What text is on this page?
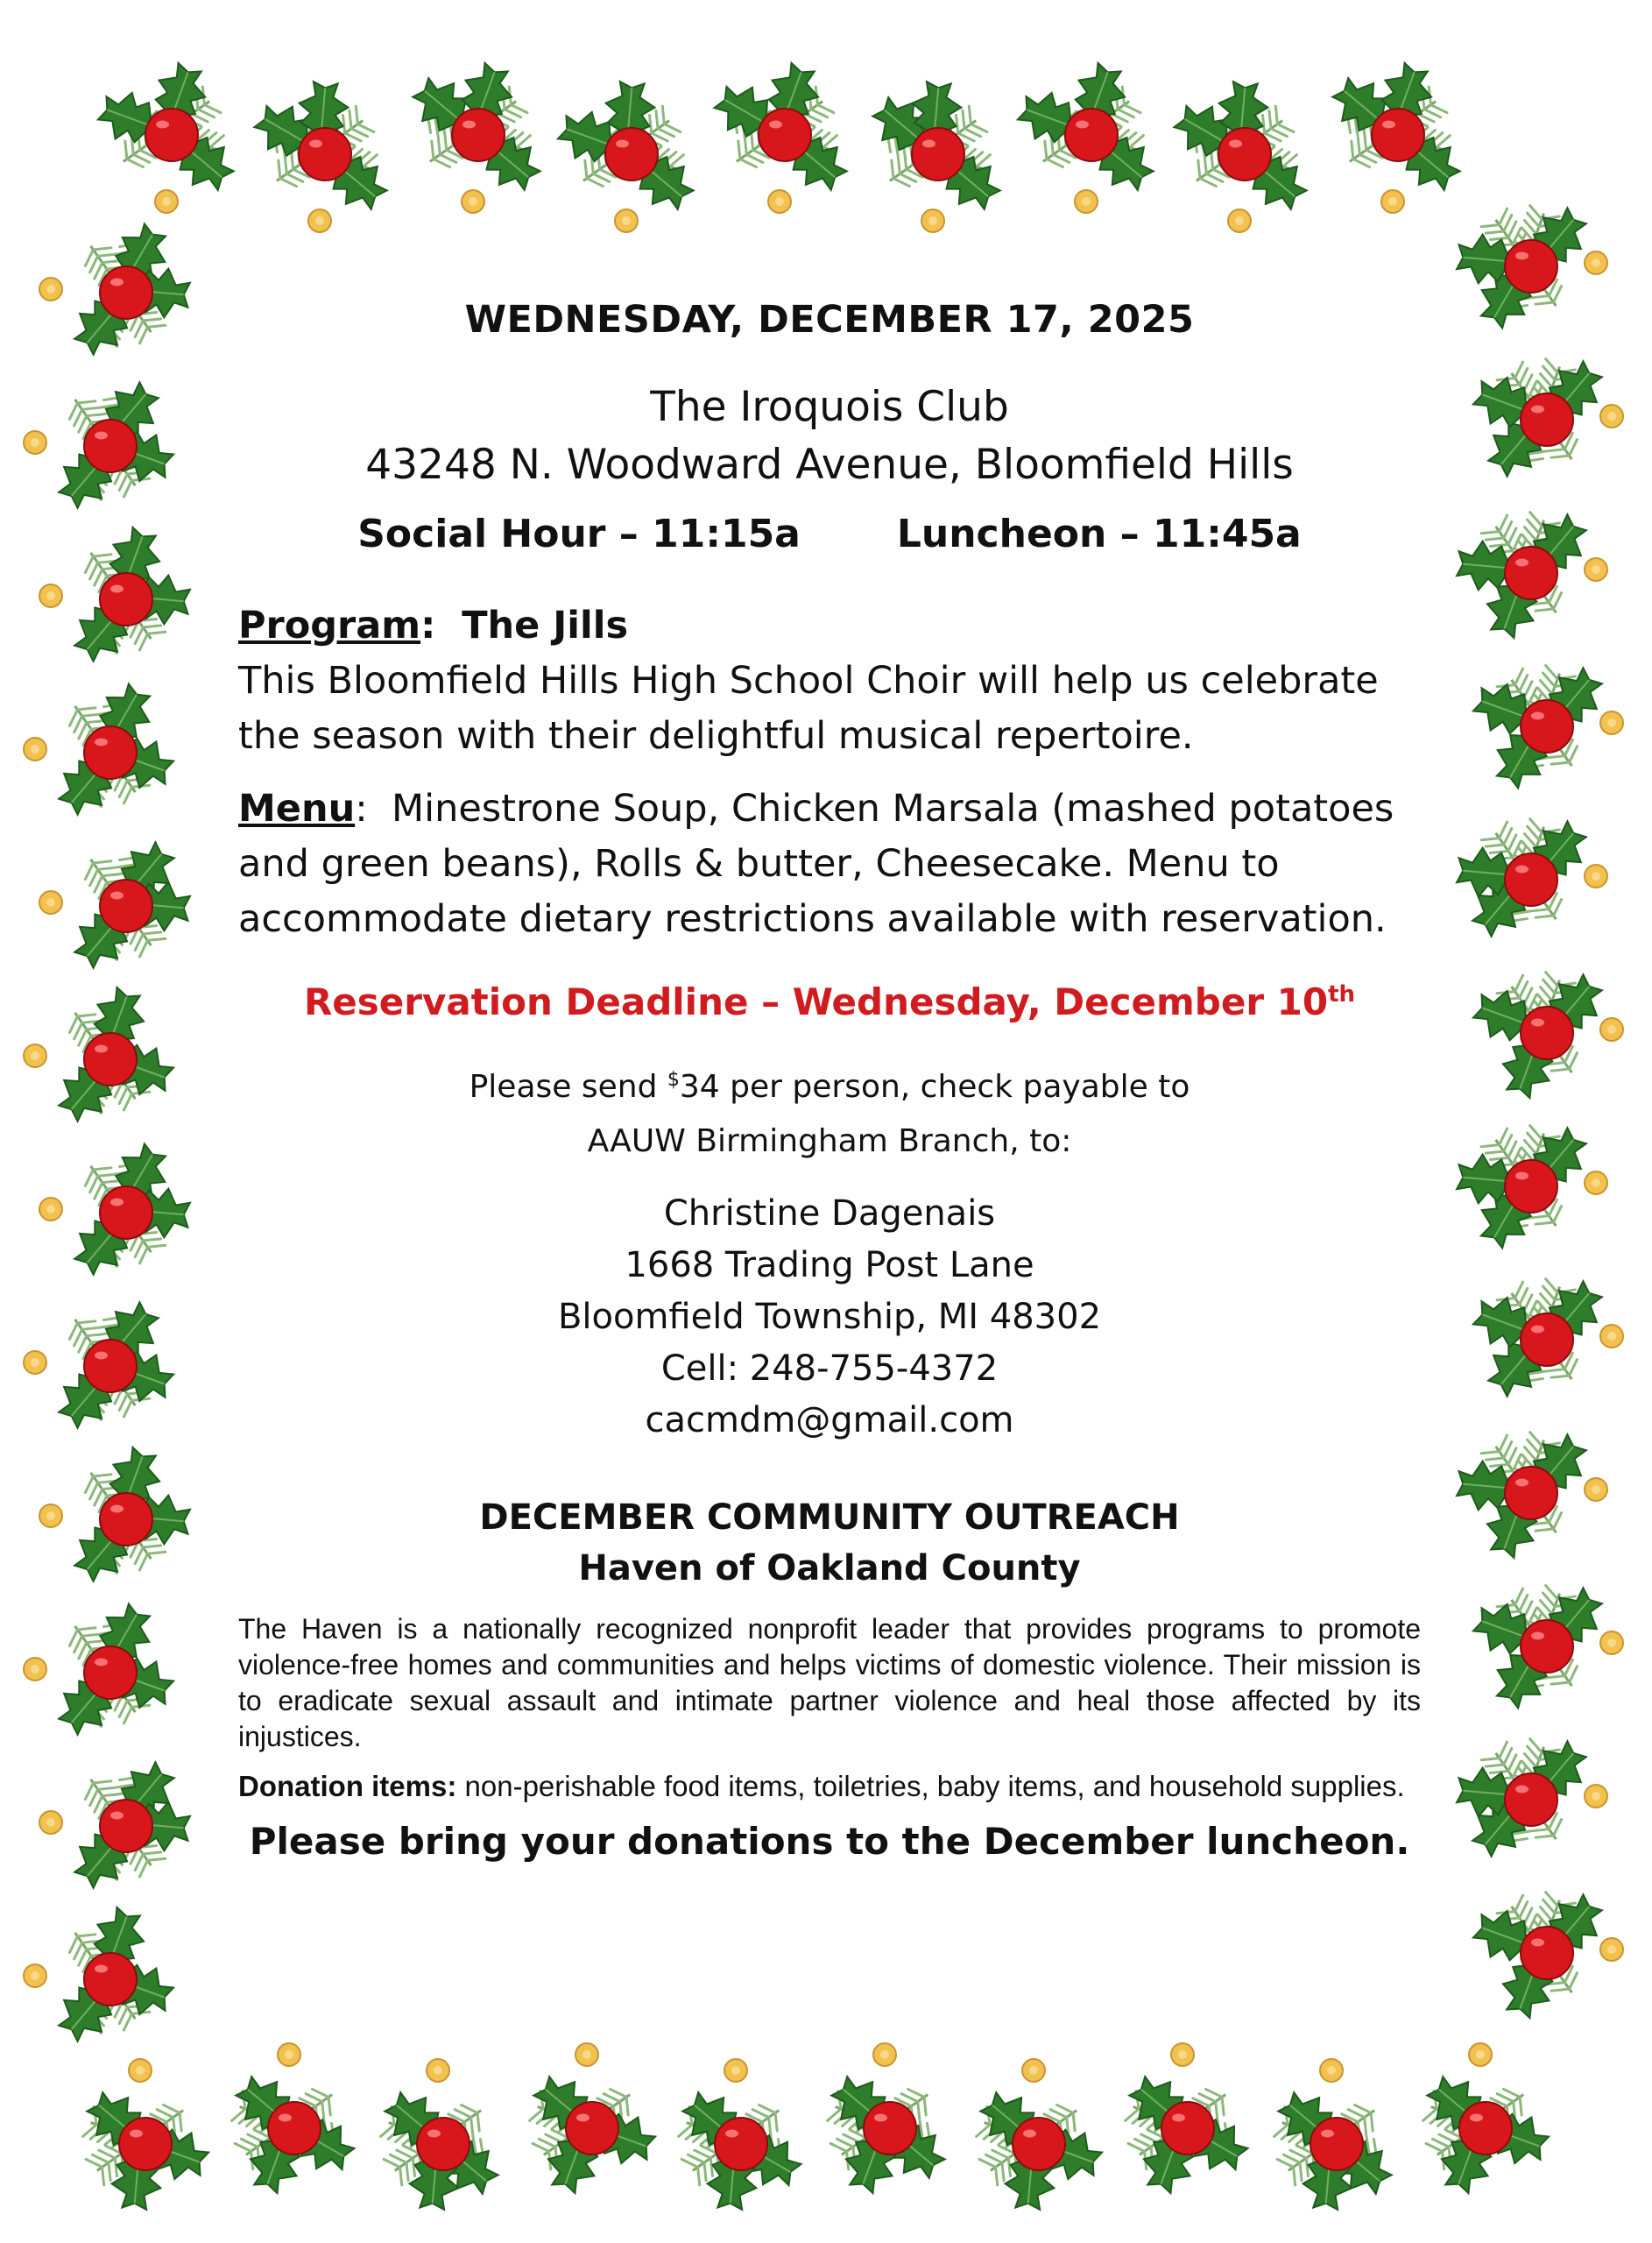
WEDNESDAY, DECEMBER 17, 2025
The Iroquois Club
43248 N. Woodward Avenue, Bloomfield Hills
Social Hour – 11:15a	Luncheon – 11:45a
Program:  The Jills
This Bloomfield Hills High School Choir will help us celebrate the season with their delightful musical repertoire.
Menu:  Minestrone Soup, Chicken Marsala (mashed potatoes and green beans), Rolls & butter, Cheesecake. Menu to accommodate dietary restrictions available with reservation.
Reservation Deadline – Wednesday, December 10th
Please send $34 per person, check payable to
AAUW Birmingham Branch, to:
Christine Dagenais
1668 Trading Post Lane
Bloomfield Township, MI 48302
Cell: 248-755-4372
cacmdm@gmail.com
DECEMBER COMMUNITY OUTREACH
Haven of Oakland County
The Haven is a nationally recognized nonprofit leader that provides programs to promote violence-free homes and communities and helps victims of domestic violence. Their mission is to eradicate sexual assault and intimate partner violence and heal those affected by its injustices.
Donation items: non-perishable food items, toiletries, baby items, and household supplies.
Please bring your donations to the December luncheon.
